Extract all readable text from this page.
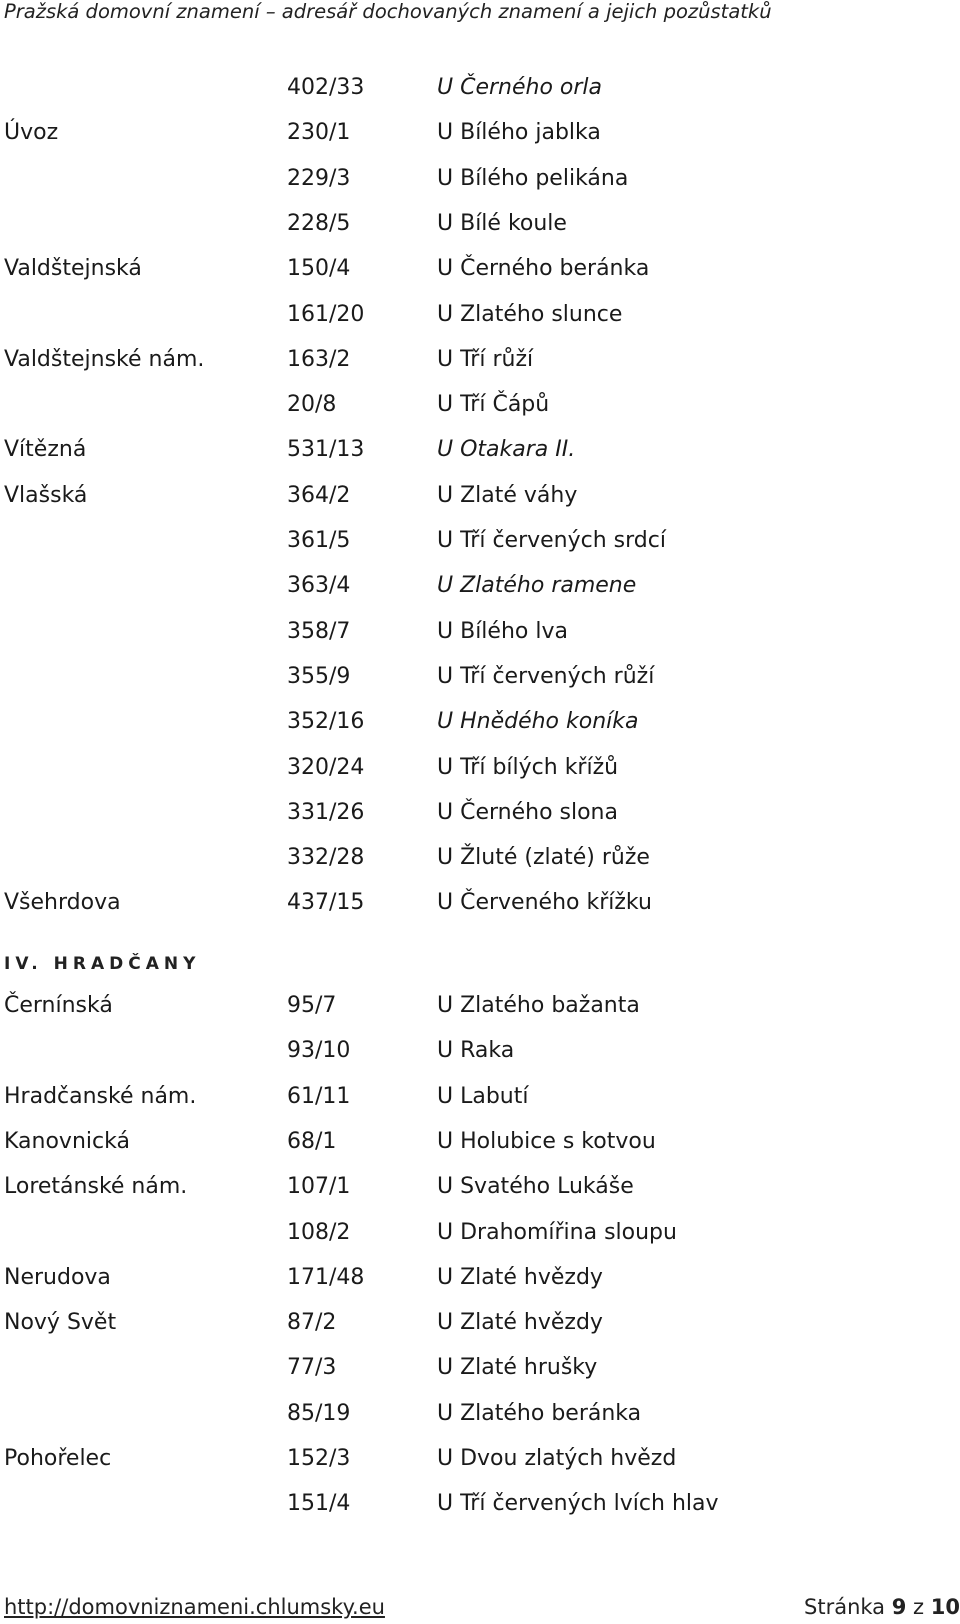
Pražská domovní znamení – adresář dochovaných znamení a jejich pozůstatků
402/33	U Černého orla
Úvoz	230/1	U Bílého jablka
229/3	U Bílého pelikána
228/5	U Bílé koule
Valdštejnská	150/4	U Černého beránka
161/20	U Zlatého slunce
Valdštejnské nám.	163/2	U Tří růží
20/8	U Tří Čápů
Vítězná	531/13	U Otakara II.
Vlašská	364/2	U Zlaté váhy
361/5	U Tří červených srdcí
363/4	U Zlatého ramene
358/7	U Bílého lva
355/9	U Tří červených růží
352/16	U Hnědého koníka
320/24	U Tří bílých křížů
331/26	U Černého slona
332/28	U Žluté (zlaté) růže
Všehrdova	437/15	U Červeného křížku
Černínská	95/7	U Zlatého bažanta
93/10	U Raka
Hradčanské nám.	61/11	U Labutí
Kanovnická	68/1	U Holubice s kotvou
Loretánské nám.	107/1	U Svatého Lukáše
108/2	U Drahomířina sloupu
Nerudova	171/48	U Zlaté hvězdy
Nový Svět	87/2	U Zlaté hvězdy
77/3	U Zlaté hrušky
85/19	U Zlatého beránka
Pohořelec	152/3	U Dvou zlatých hvězd
151/4	U Tří červených lvích hlav
IV. HRADČANY
http://domovniznameni.chlumsky.eu	Stránka 9 z 10
